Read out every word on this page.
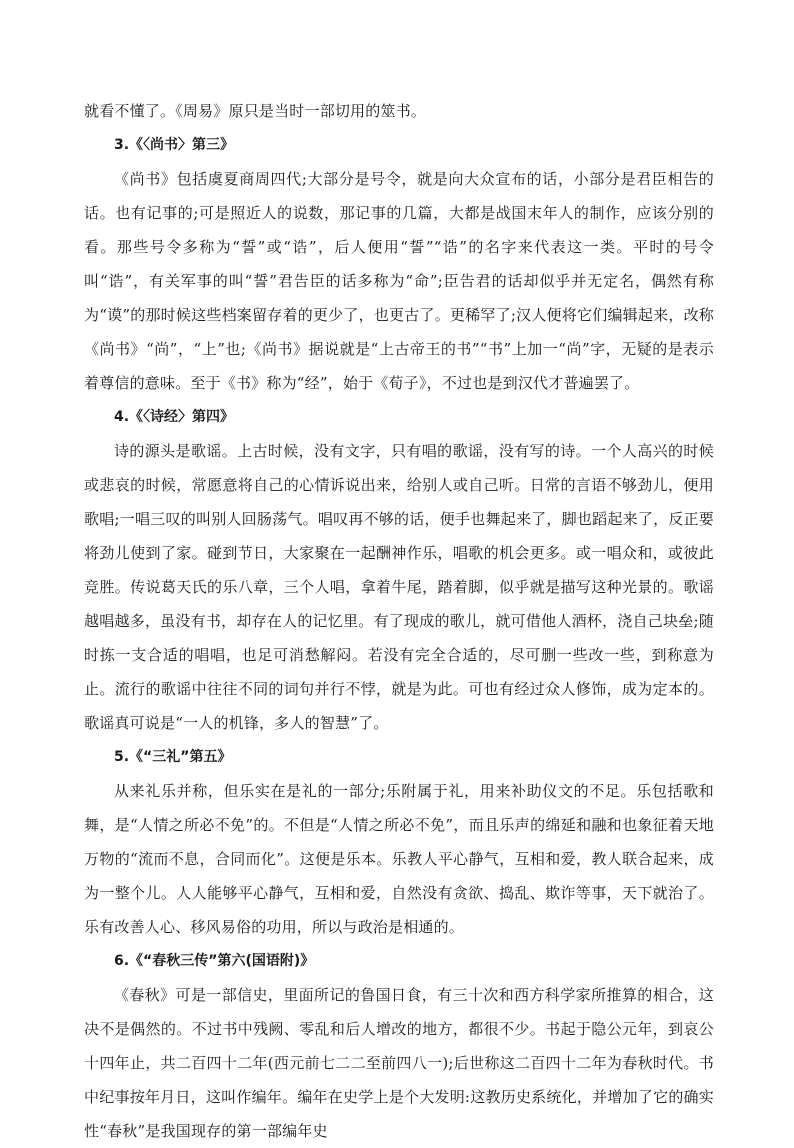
就看不懂了。《周易》原只是当时一部切用的筮书。

3.《〈尚书〉第三》

《尚书》包括虞夏商周四代;大部分是号令，就是向大众宣布的话，小部分是君臣相告的话。也有记事的;可是照近人的说数，那记事的几篇，大都是战国末年人的制作，应该分别的看。那些号令多称为“誓”或“诰”，后人便用“誓”“诰”的名字来代表这一类。平时的号令叫“诰”，有关军事的叫“誓”君告臣的话多称为“命”;臣告君的话却似乎并无定名，偶然有称为“谟”的那时候这些档案留存着的更少了，也更古了。更稀罕了;汉人便将它们编辑起来，改称《尚书》“尚”，“上”也;《尚书》据说就是“上古帝王的书”“书”上加一“尚”字，无疑的是表示着尊信的意味。至于《书》称为“经”，始于《荀子》，不过也是到汉代才普遍罢了。

4.《〈诗经〉第四》

诗的源头是歌谣。上古时候，没有文字，只有唱的歌谣，没有写的诗。一个人高兴的时候或悲哀的时候，常愿意将自己的心情诉说出来，给别人或自己听。日常的言语不够劲儿，便用歌唱;一唱三叹的叫别人回肠荡气。唱叹再不够的话，便手也舞起来了，脚也蹈起来了，反正要将劲儿使到了家。碰到节日，大家聚在一起酬神作乐，唱歌的机会更多。或一唱众和，或彼此竞胜。传说葛天氏的乐八章，三个人唱，拿着牛尾，踏着脚，似乎就是描写这种光景的。歌谣越唱越多，虽没有书，却存在人的记忆里。有了现成的歌儿，就可借他人酒杯，浇自己块垒;随时拣一支合适的唱唱，也足可消愁解闷。若没有完全合适的，尽可删一些改一些，到称意为止。流行的歌谣中往往不同的词句并行不悖，就是为此。可也有经过众人修饰，成为定本的。歌谣真可说是“一人的机锋，多人的智慧”了。

5.《“三礼”第五》

从来礼乐并称，但乐实在是礼的一部分;乐附属于礼，用来补助仪文的不足。乐包括歌和舞，是“人情之所必不免”的。不但是“人情之所必不免”，而且乐声的绵延和融和也象征着天地万物的“流而不息，合同而化”。这便是乐本。乐教人平心静气，互相和爱，教人联合起来，成为一整个儿。人人能够平心静气，互相和爱，自然没有贪欲、捣乱、欺诈等事，天下就治了。乐有改善人心、移风易俗的功用，所以与政治是相通的。

6.《“春秋三传”第六(国语附)》

《春秋》可是一部信史，里面所记的鲁国日食，有三十次和西方科学家所推算的相合，这决不是偶然的。不过书中残阙、零乱和后人增改的地方，都很不少。书起于隐公元年，到哀公十四年止，共二百四十二年(西元前七二二至前四八一);后世称这二百四十二年为春秋时代。书中纪事按年月日，这叫作编年。编年在史学上是个大发明:这教历史系统化，并增加了它的确实性“春秋”是我国现存的第一部编年史
